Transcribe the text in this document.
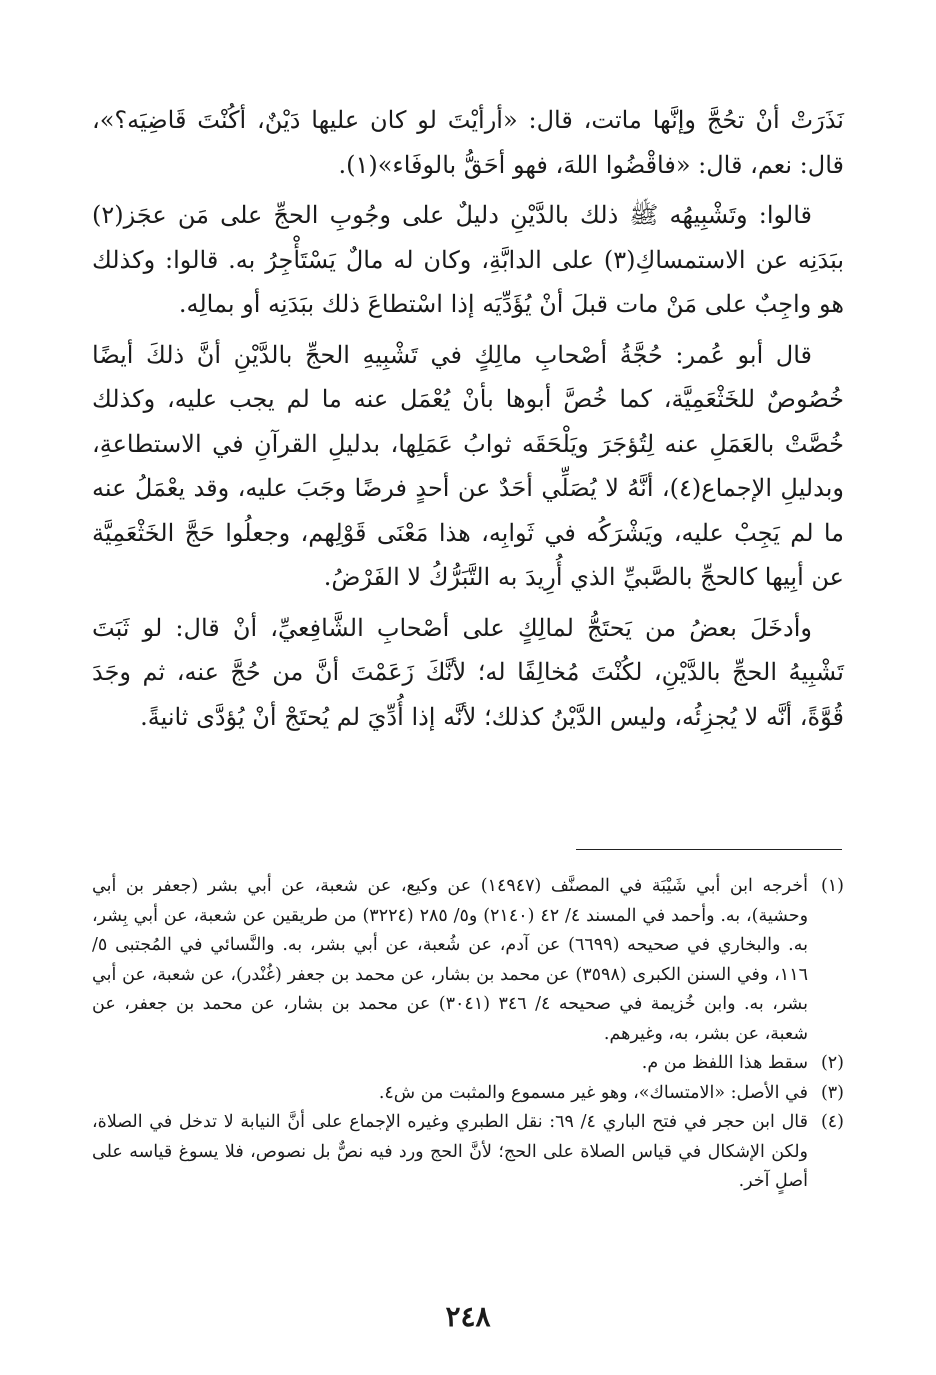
نَذَرَتْ أنْ تحُجَّ وإنَّها ماتت، قال: «أرأيْتَ لو كان عليها دَيْنٌ، أكُنْتَ قَاضِيَه؟»، قال: نعم، قال: «فاقْضُوا اللهَ، فهو أحَقُّ بالوفَاء»(١).

قالوا: وتَشْبِيهُه ﷺ ذلك بالدَّيْنِ دليلٌ على وجُوبِ الحجِّ على مَن عجَز(٢) ببَدَنِه عن الاستمساكِ(٣) على الدابَّةِ، وكان له مالٌ يَسْتَأْجِرُ به. قالوا: وكذلك هو واجِبٌ على مَنْ مات قبلَ أنْ يُؤَدِّيَه إذا اسْتطاعَ ذلك ببَدَنِه أو بمالِه.

قال أبو عُمر: حُجَّةُ أصْحابِ مالِكٍ في تَشْبِيهِ الحجِّ بالدَّيْنِ أنَّ ذلكَ أيضًا خُصُوصٌ للخَثْعَمِيَّة، كما خُصَّ أبوها بأنْ يُعْمَل عنه ما لم يجب عليه، وكذلك خُصَّتْ بالعَمَلِ عنه لِتُؤجَرَ ويَلْحَقَه ثوابُ عَمَلِها، بدليلِ القرآنِ في الاستطاعةِ، وبدليلِ الإجماع(٤)، أنَّهُ لا يُصَلِّي أحَدٌ عن أحدٍ فرضًا وجَبَ عليه، وقد يعْمَلُ عنه ما لم يَجِبْ عليه، ويَشْرَكُه في ثَوابِه، هذا مَعْنَى قَوْلِهم، وجعلُوا حَجَّ الخَثْعَمِيَّة عن أبِيها كالحجِّ بالصَّبيِّ الذي أُرِيدَ به التَّبَرُّكُ لا الفَرْضُ.

وأدخَلَ بعضُ من يَحتَجُّ لمالِكٍ على أصْحابِ الشَّافِعيِّ، أنْ قال: لو ثَبَتَ تَشْبِيهُ الحجِّ بالدَّيْنِ، لكُنْتَ مُخالِفًا له؛ لأنَّكَ زَعَمْتَ أنَّ من حُجَّ عنه، ثم وجَدَ قُوَّةً، أنَّه لا يُجزِئُه، وليس الدَّيْنُ كذلك؛ لأنَّه إذا أُدِّيَ لم يُحتَجْ أنْ يُؤدَّى ثانيةً.

(١)
أخرجه ابن أبي شَيْبَة في المصنَّف (١٤٩٤٧) عن وكيع، عن شعبة، عن أبي بشر (جعفر بن أبي وحشية)، به. وأحمد في المسند ٤/ ٤٢ (٢١٤٠) و٥/ ٢٨٥ (٣٢٢٤) من طريقين عن شعبة، عن أبي بِشر، به. والبخاري في صحيحه (٦٦٩٩) عن آدم، عن شُعبة، عن أبي بشر، به. والنَّسائي في المُجتبى ٥/ ١١٦، وفي السنن الكبرى (٣٥٩٨) عن محمد بن بشار، عن محمد بن جعفر (غُنْدر)، عن شعبة، عن أبي بشر، به. وابن خُزيمة في صحيحه ٤/ ٣٤٦ (٣٠٤١) عن محمد بن بشار، عن محمد بن جعفر، عن شعبة، عن بشر، به، وغيرهم.
(٢)
سقط هذا اللفظ من م.
(٣)
في الأصل: «الامتساك»، وهو غير مسموع والمثبت من ش٤.
(٤)
قال ابن حجر في فتح الباري ٤/ ٦٩: نقل الطبري وغيره الإجماع على أنَّ النيابة لا تدخل في الصلاة، ولكن الإشكال في قياس الصلاة على الحج؛ لأنَّ الحج ورد فيه نصٌّ بل نصوص، فلا يسوغ قياسه على أصلٍ آخر.
٢٤٨
